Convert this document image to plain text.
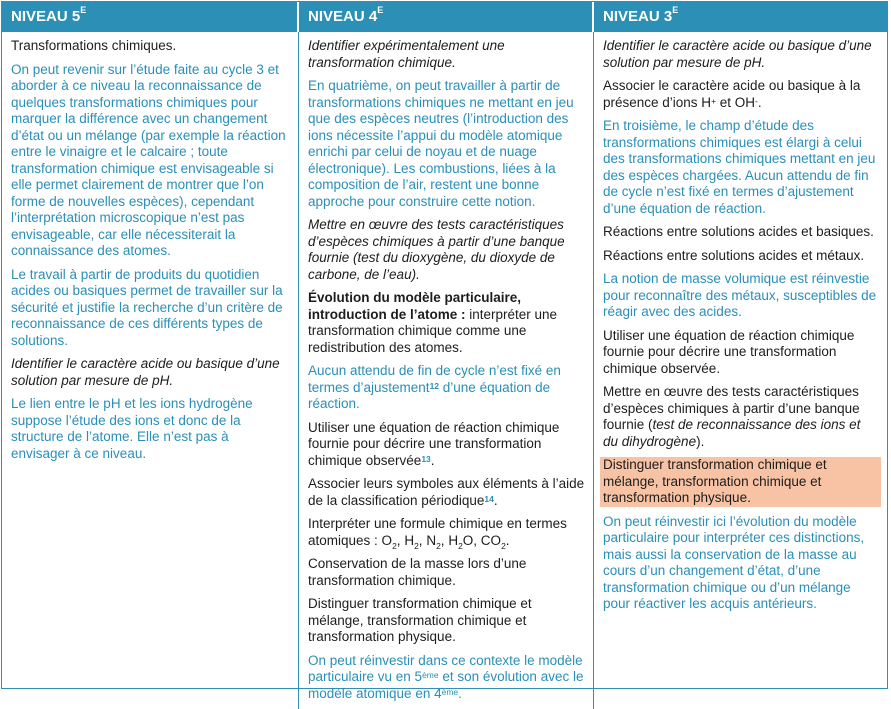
NIVEAU $5^E$	NIVEAU $4^E$	NIVEAU $3^E$

Transformations chimiques.

On peut revenir sur l’étude faite au cycle 3 et aborder à ce niveau la reconnaissance de quelques transformations chimiques pour marquer la différence avec un changement d’état ou un mélange (par exemple la réaction entre le vinaigre et le calcaire ; toute transformation chimique est envisageable si elle permet clairement de montrer que l’on forme de nouvelles espèces), cependant l’interprétation microscopique n’est pas envisageable, car elle nécessiterait la connaissance des atomes.

Le travail à partir de produits du quotidien acides ou basiques permet de travailler sur la sécurité et justifie la recherche d’un critère de reconnaissance de ces différents types de solutions.

Identifier le caractère acide ou basique d’une solution par mesure de pH.

Le lien entre le pH et les ions hydrogène suppose l’étude des ions et donc de la structure de l’atome. Elle n’est pas à envisager à ce niveau.

Identifier expérimentalement une transformation chimique.

En quatrième, on peut travailler à partir de transformations chimiques ne mettant en jeu que des espèces neutres (l’introduction des ions nécessite l’appui du modèle atomique enrichi par celui de noyau et de nuage électronique). Les combustions, liées à la composition de l’air, restent une bonne approche pour construire cette notion.

Mettre en œuvre des tests caractéristiques d’espèces chimiques à partir d’une banque fournie (test du dioxygène, du dioxyde de carbone, de l’eau).

Évolution du modèle particulaire, introduction de l’atome : interpréter une transformation chimique comme une redistribution des atomes.

Aucun attendu de fin de cycle n’est fixé en termes d’ajustement$^{12}$ d’une équation de réaction.

Utiliser une équation de réaction chimique fournie pour décrire une transformation chimique observée$^{13}$.

Associer leurs symboles aux éléments à l’aide de la classification périodique$^{14}$.

Interpréter une formule chimique en termes atomiques : $O_2$, $H_2$, $N_2$, $H_2O$, $CO_2$.

Conservation de la masse lors d’une transformation chimique.

Distinguer transformation chimique et mélange, transformation chimique et transformation physique.

On peut réinvestir dans ce contexte le modèle particulaire vu en 5ème et son évolution avec le modèle atomique en 4ème.

Identifier le caractère acide ou basique d’une solution par mesure de pH.

Associer le caractère acide ou basique à la présence d’ions H+ et OH-.

En troisième, le champ d’étude des transformations chimiques est élargi à celui des transformations chimiques mettant en jeu des espèces chargées. Aucun attendu de fin de cycle n’est fixé en termes d’ajustement d’une équation de réaction.

Réactions entre solutions acides et basiques.

Réactions entre solutions acides et métaux.

La notion de masse volumique est réinvestie pour reconnaître des métaux, susceptibles de réagir avec des acides.

Utiliser une équation de réaction chimique fournie pour décrire une transformation chimique observée.

Mettre en œuvre des tests caractéristiques d’espèces chimiques à partir d’une banque fournie (test de reconnaissance des ions et du dihydrogène).

Distinguer transformation chimique et mélange, transformation chimique et transformation physique.

On peut réinvestir ici l’évolution du modèle particulaire pour interpréter ces distinctions, mais aussi la conservation de la masse au cours d’un changement d’état, d’une transformation chimique ou d’un mélange pour réactiver les acquis antérieurs.
